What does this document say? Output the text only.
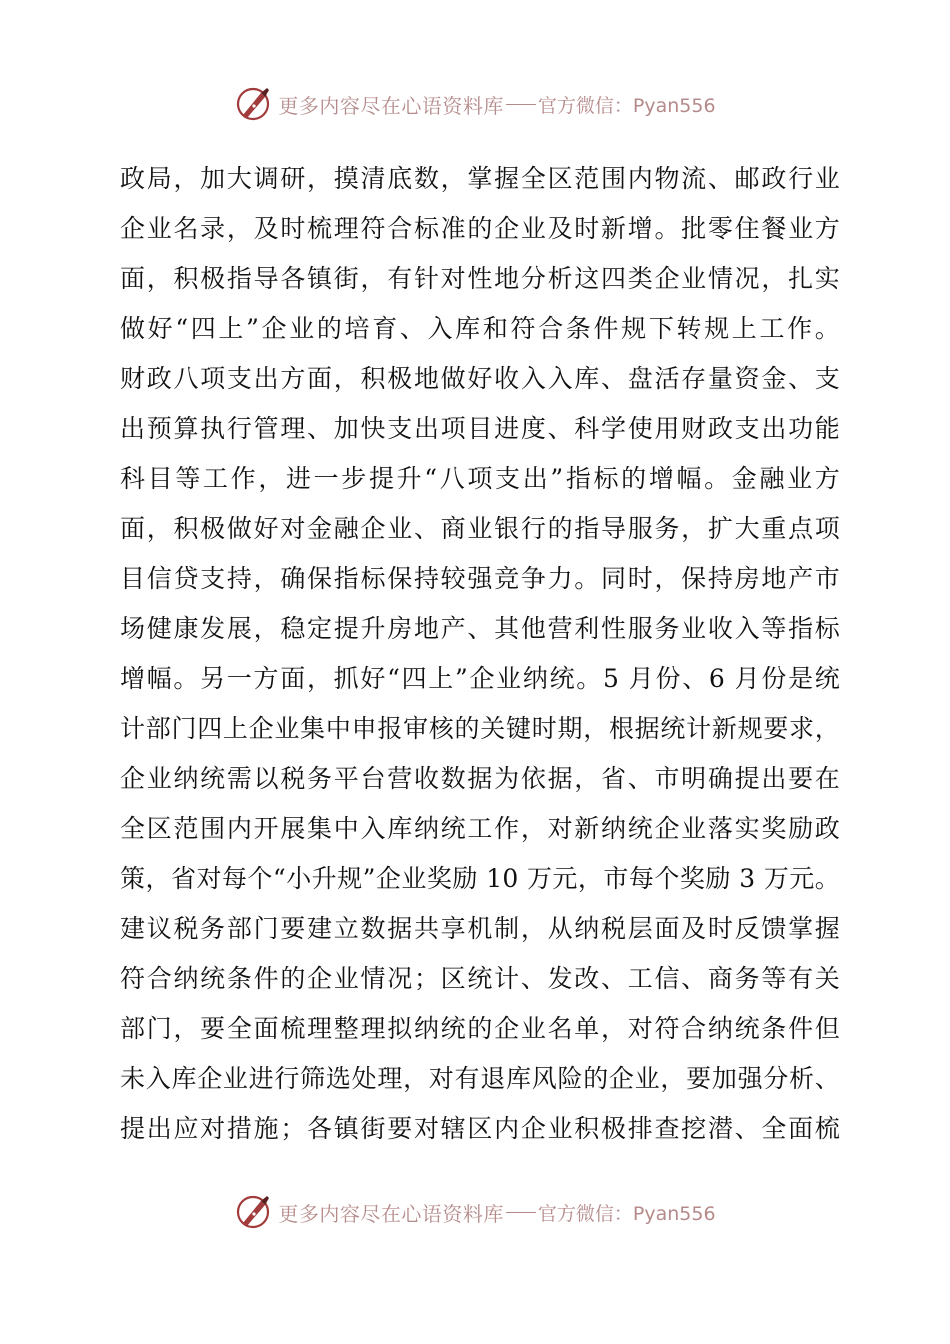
更多内容尽在心语资料库 官方微信：Pyan556
政局，加大调研，摸清底数，掌握全区范围内物流、邮政行业
企业名录，及时梳理符合标准的企业及时新增。批零住餐业方
面，积极指导各镇街，有针对性地分析这四类企业情况，扎实
做好“四上”企业的培育、入库和符合条件规下转规上工作。
财政八项支出方面，积极地做好收入入库、盘活存量资金、支
出预算执行管理、加快支出项目进度、科学使用财政支出功能
科目等工作，进一步提升“八项支出”指标的增幅。金融业方
面，积极做好对金融企业、商业银行的指导服务，扩大重点项
目信贷支持，确保指标保持较强竞争力。同时，保持房地产市
场健康发展，稳定提升房地产、其他营利性服务业收入等指标
增幅。另一方面，抓好“四上”企业纳统。5 月份、6 月份是统
计部门四上企业集中申报审核的关键时期，根据统计新规要求，
企业纳统需以税务平台营收数据为依据，省、市明确提出要在
全区范围内开展集中入库纳统工作，对新纳统企业落实奖励政
策，省对每个“小升规”企业奖励 10 万元，市每个奖励 3 万元。
建议税务部门要建立数据共享机制，从纳税层面及时反馈掌握
符合纳统条件的企业情况；区统计、发改、工信、商务等有关
部门，要全面梳理整理拟纳统的企业名单，对符合纳统条件但
未入库企业进行筛选处理，对有退库风险的企业，要加强分析、
提出应对措施；各镇街要对辖区内企业积极排查挖潜、全面梳
更多内容尽在心语资料库 官方微信：Pyan556
